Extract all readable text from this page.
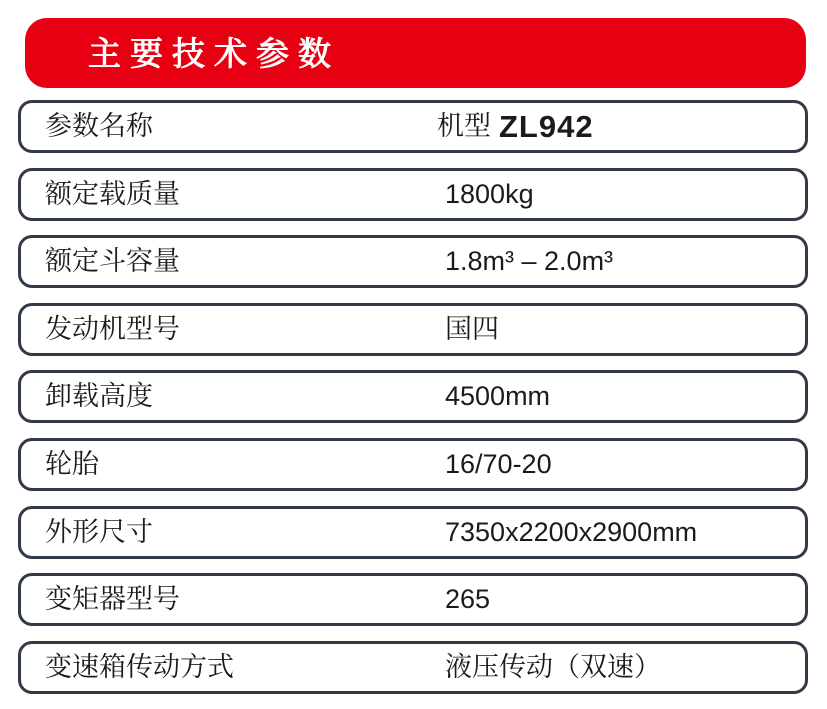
主要技术参数
参数名称	机型 ZL942
额定载质量	1800kg
额定斗容量	1.8m³ – 2.0m³
发动机型号	国四
卸载高度	4500mm
轮胎	16/70-20
外形尺寸	7350x2200x2900mm
变矩器型号	265
变速箱传动方式	液压传动（双速）
